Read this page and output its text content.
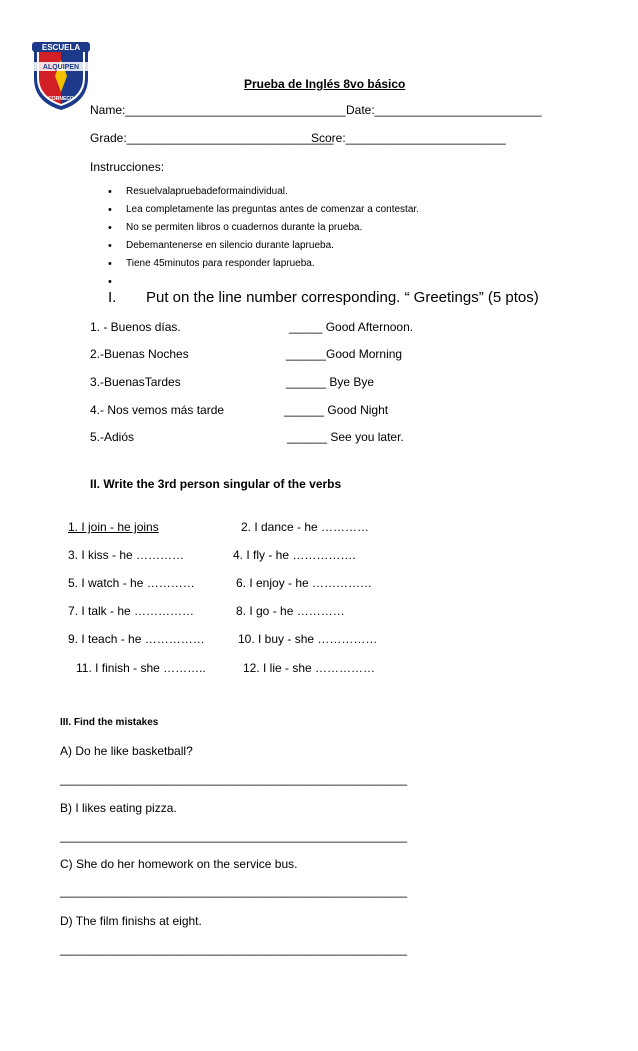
ESCUELA
ALQUIPEN
CORNECO
Prueba de Inglés 8vo básico
Name:_________________________________ Date:_________________________
Grade:_______________________________
Score:________________________
Instrucciones:
• Resuelvalapruebadeformaindividual.
• Lea completamente las preguntas antes de comenzar a contestar.
• No se permiten libros o cuadernos durante la prueba.
• Debemantenerse en silencio durante laprueba.
• Tiene 45minutos para responder laprueba.
•
I. Put on the line number corresponding. “ Greetings” (5 ptos)
1. - Buenos días.	_____ Good Afternoon.
2.-Buenas Noches	______Good Morning
3.-BuenasTardes	______ Bye Bye
4.- Nos vemos más tarde	______ Good Night
5.-Adiós	______ See you later.
II. Write the 3rd person singular of the verbs
1. I join - he joins	2. I dance - he …………
3. I kiss - he …………	4. I fly - he …………….
5. I watch - he …………	6. I enjoy - he ……………
7. I talk - he ……………	8. I go - he …………
9. I teach - he ……………	10. I buy - she ……………
11. I finish - she ………..	12. I lie - she ……………
III. Find the mistakes
A) Do he like basketball?
____________________________________________________
B) I likes eating pizza.
____________________________________________________
C) She do her homework on the service bus.
____________________________________________________
D) The film finishs at eight.
____________________________________________________
